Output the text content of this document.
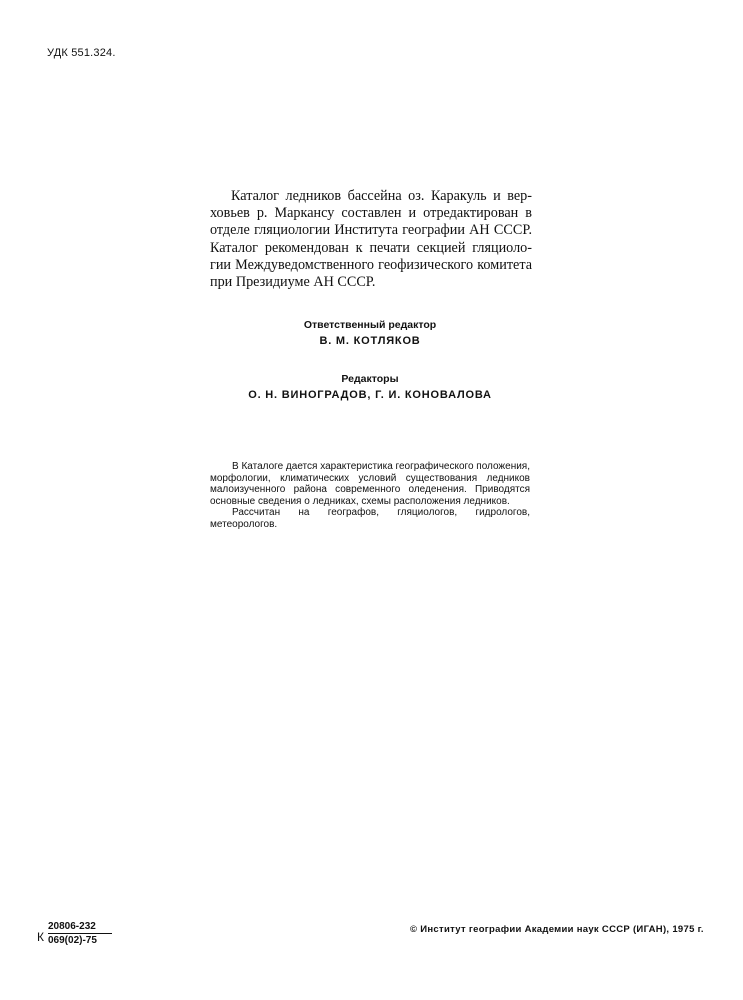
УДК 551.324.
Каталог ледников бассейна оз. Каракуль и вер-
ховьев р. Маркансу составлен и отредактирован в
отделе гляциологии Института географии АН СССР.
Каталог рекомендован к печати секцией гляциоло-
гии Междуведомственного геофизического комитета
при Президиуме АН СССР.
Ответственный редактор
В. М. КОТЛЯКОВ
Редакторы
О. Н. ВИНОГРАДОВ, Г. И. КОНОВАЛОВА

В Каталоге дается характеристика географического положения, морфологии, климатических условий существования ледников малоизученного района современного оледенения. Приводятся основные сведения о ледниках, схемы расположения ледников.

Рассчитан на географов, гляциологов, гидрологов, метеорологов.

К $\frac{20806-232}{069(02)-75}$	© Институт географии Академии наук СССР (ИГАН), 1975 г.
